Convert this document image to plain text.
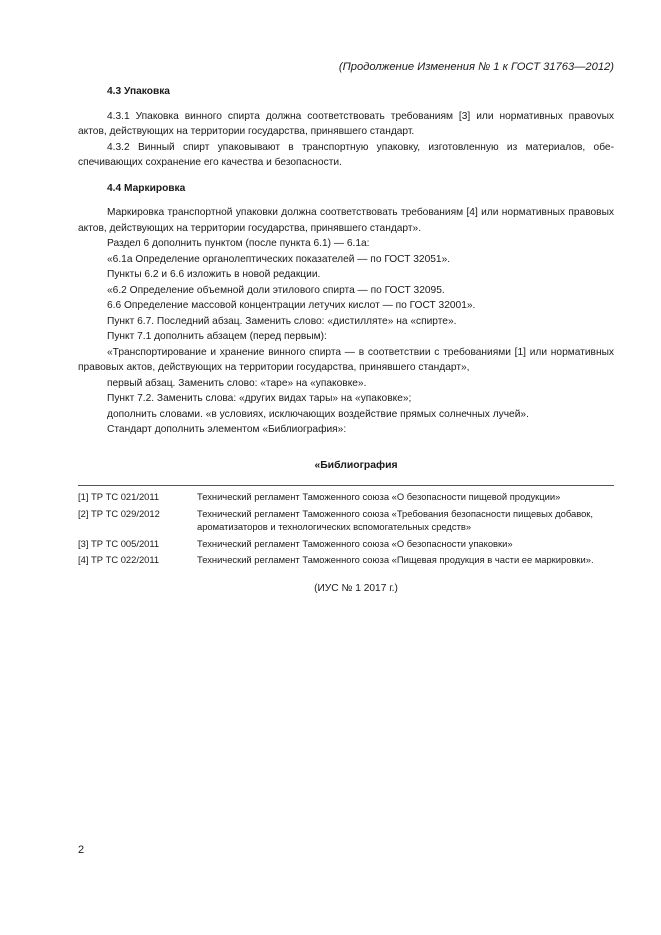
(Продолжение Изменения № 1 к ГОСТ 31763—2012)

4.3 Упаковка

4.3.1 Упаковка винного спирта должна соответствовать требованиям [3] или нормативных правоvых актов, действующих на территории государства, принявшего стандарт.

4.3.2 Винный спирт упаковывают в транспортную упаковку, изготовленную из материалов, обеспечивающих сохранение его качества и безопасности.

4.4 Маркировка

Маркировка транспортной упаковки должна соответствовать требованиям [4] или нормативных правовых актов, действующих на территории государства, принявшего стандарт».

Раздел 6 дополнить пунктом (после пункта 6.1) — 6.1а:

«6.1а Определение органолептических показателей — по ГОСТ 32051».

Пункты 6.2 и 6.6 изложить в новой редакции.

«6.2 Определение объемной доли этилового спирта — по ГОСТ 32095.

6.6 Определение массовой концентрации летучих кислот — по ГОСТ 32001».

Пункт 6.7. Последний абзац. Заменить слово: «дистилляте» на «спирте».

Пункт 7.1 дополнить абзацем (перед первым):

«Транспортирование и хранение винного спирта — в соответствии с требованиями [1] или нормативных правовых актов, действующих на территории государства, принявшего стандарт»,

первый абзац. Заменить слово: «таре» на «упаковке».

Пункт 7.2. Заменить слова: «других видах тары» на «упаковке»;

дополнить словами. «в условиях, исключающих воздействие прямых солнечных лучей».

Стандарт дополнить элементом «Библиография»:

«Библиография
[1] ТР ТС 021/2011	Технический регламент Таможенного союза «О безопасности пищевой продукции»
[2] ТР ТС 029/2012	Технический регламент Таможенного союза «Требования безопасности пищевых добавок, ароматизаторов и технологических вспомогательных средств»
[3] ТР ТС 005/2011	Технический регламент Таможенного союза «О безопасности упаковки»
[4] ТР ТС 022/2011	Технический регламент Таможенного союза «Пищевая продукция в части ее маркировки».
(ИУС № 1 2017 г.)
2
